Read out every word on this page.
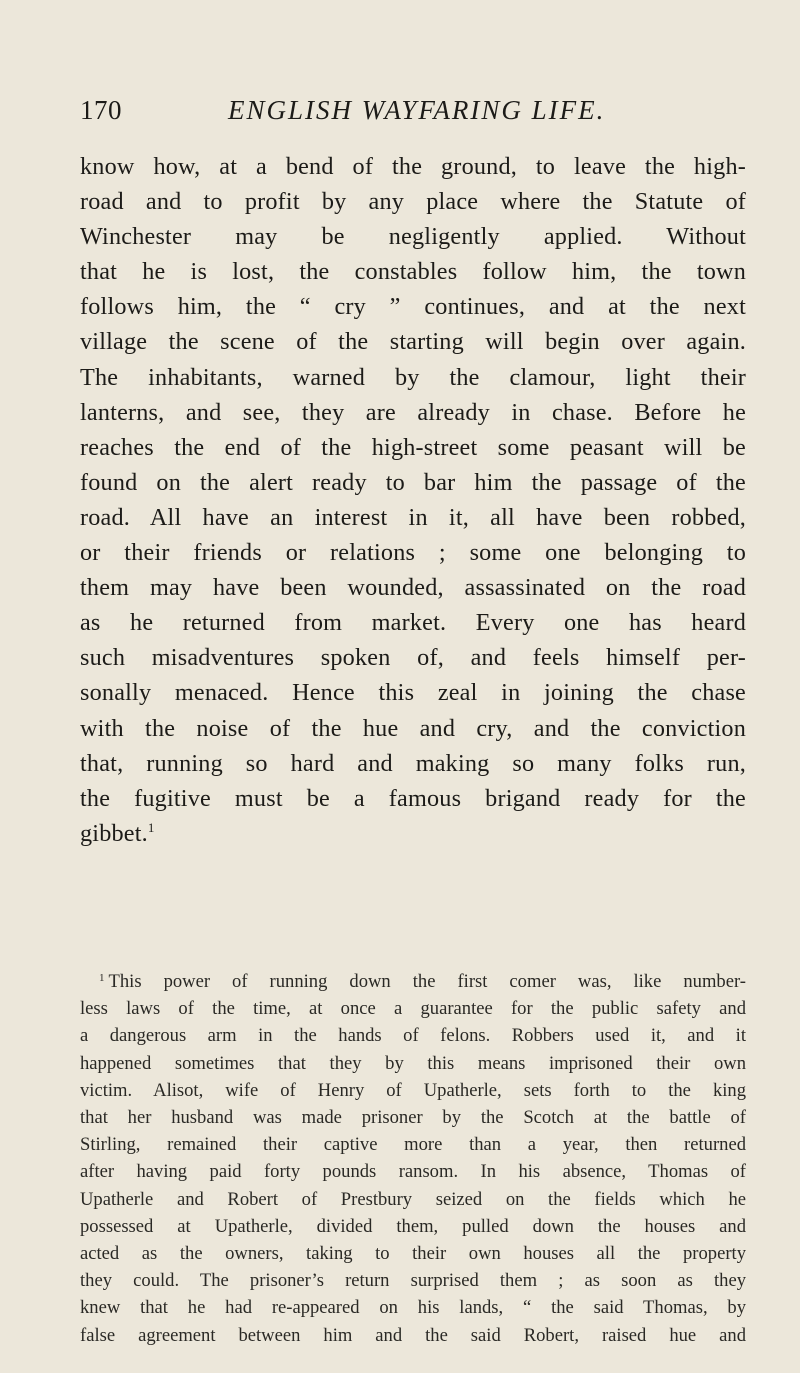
170	ENGLISH WAYFARING LIFE.
know how, at a bend of the ground, to leave the high-
road and to profit by any place where the Statute of
Winchester may be negligently applied. Without
that he is lost, the constables follow him, the town
follows him, the “ cry ” continues, and at the next
village the scene of the starting will begin over again.
The inhabitants, warned by the clamour, light their
lanterns, and see, they are already in chase. Before he
reaches the end of the high-street some peasant will be
found on the alert ready to bar him the passage of the
road. All have an interest in it, all have been robbed,
or their friends or relations ; some one belonging to
them may have been wounded, assassinated on the road
as he returned from market. Every one has heard
such misadventures spoken of, and feels himself per-
sonally menaced. Hence this zeal in joining the chase
with the noise of the hue and cry, and the conviction
that, running so hard and making so many folks run,
the fugitive must be a famous brigand ready for the
gibbet.$^1$
$^1$ This power of running down the first comer was, like number-
less laws of the time, at once a guarantee for the public safety and
a dangerous arm in the hands of felons. Robbers used it, and it
happened sometimes that they by this means imprisoned their own
victim. Alisot, wife of Henry of Upatherle, sets forth to the king
that her husband was made prisoner by the Scotch at the battle of
Stirling, remained their captive more than a year, then returned
after having paid forty pounds ransom. In his absence, Thomas of
Upatherle and Robert of Prestbury seized on the fields which he
possessed at Upatherle, divided them, pulled down the houses and
acted as the owners, taking to their own houses all the property
they could. The prisoner’s return surprised them ; as soon as they
knew that he had re-appeared on his lands, “ the said Thomas, by
false agreement between him and the said Robert, raised hue and
